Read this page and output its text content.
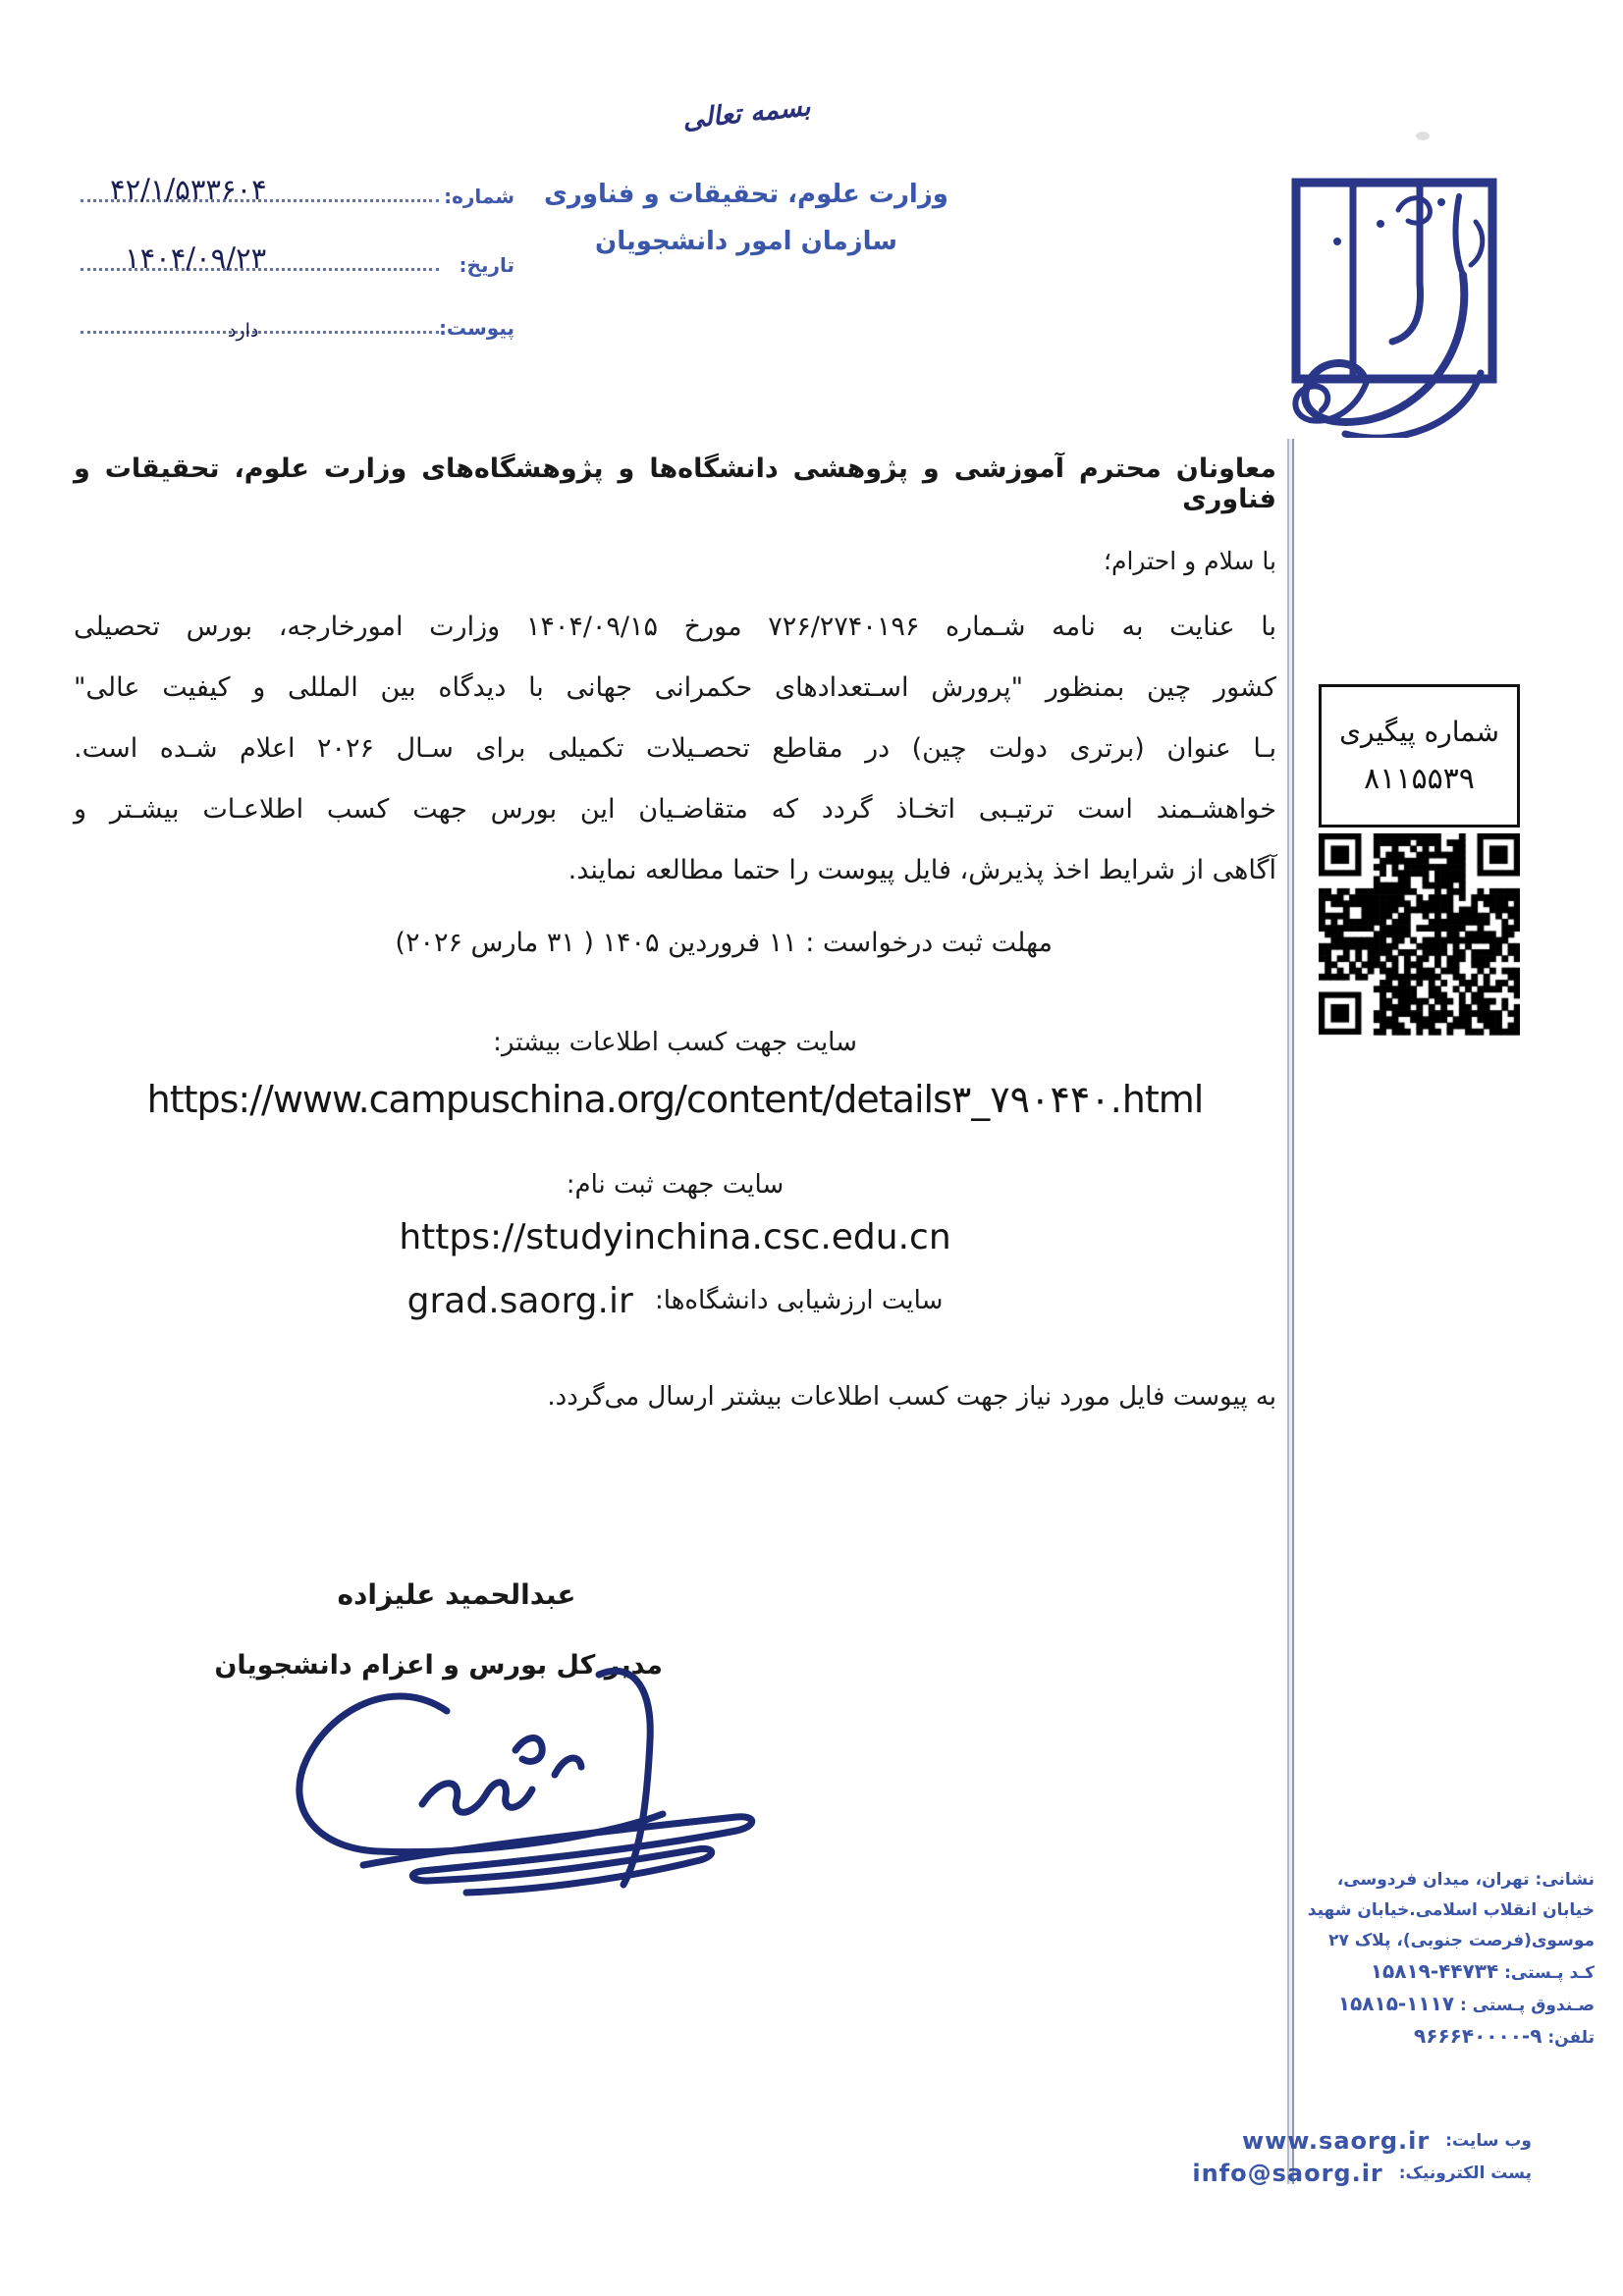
شماره:
۴۲/۱/۵۳۳۶۰۴
تاریخ:
۱۴۰۴/۰۹/۲۳
پیوست:
دارد
بسمه تعالی
وزارت علوم، تحقیقات و فناوری
سازمان امور دانشجویان
معاونان محترم آموزشی و پژوهشی دانشگاه‌ها و پژوهشگاه‌های وزارت علوم، تحقیقات و فناوری
با سلام و احترام؛
با عنایت به نامه شـماره ۷۲۶/۲۷۴۰۱۹۶ مورخ ۱۴۰۴/۰۹/۱۵ وزارت امورخارجه، بورس تحصیلی
کشور چین بمنظور "پرورش اسـتعدادهای حکمرانی جهانی با دیدگاه بین المللی و کیفیت عالی"
بـا عنوان (برتری دولت چین) در مقاطع تحصـیلات تکمیلی برای سـال ۲۰۲۶ اعلام شـده است.
خواهشـمند است ترتیـبی اتخـاذ گردد که متقاضـیان این بورس جهت کسب اطلاعـات بیشـتر و
آگاهی از شرایط اخذ پذیرش، فایل پیوست را حتما مطالعه نمایند.
مهلت ثبت درخواست : ۱۱ فروردین ۱۴۰۵ ( ۳۱ مارس ۲۰۲۶)
سایت جهت کسب اطلاعات بیشتر:
https://www.campuschina.org/content/details۳_۷۹۰۴۴۰.html
سایت جهت ثبت نام:
https://studyinchina.csc.edu.cn
سایت ارزشیابی دانشگاه‌ها: grad.saorg.ir
به پیوست فایل مورد نیاز جهت کسب اطلاعات بیشتر ارسال می‌گردد.
عبدالحمید علیزاده
مدیر کل بورس و اعزام دانشجویان
شماره پیگیری
۸۱۱۵۵۳۹
نشانی: تهران، میدان فردوسی،
خیابان انقلاب اسلامی.خیابان شهید
موسوی(فرصت جنوبی)، پلاک ۲۷
کـد پـستی: ۱۵۸۱۹-۴۴۷۳۴
صـندوق پـستی : ۱۵۸۱۵-۱۱۱۷
تلفن: ۹۶۶۶۴۰۰۰۰-۹
وب سایت: www.saorg.ir
پست الکترونیک: info@saorg.ir
